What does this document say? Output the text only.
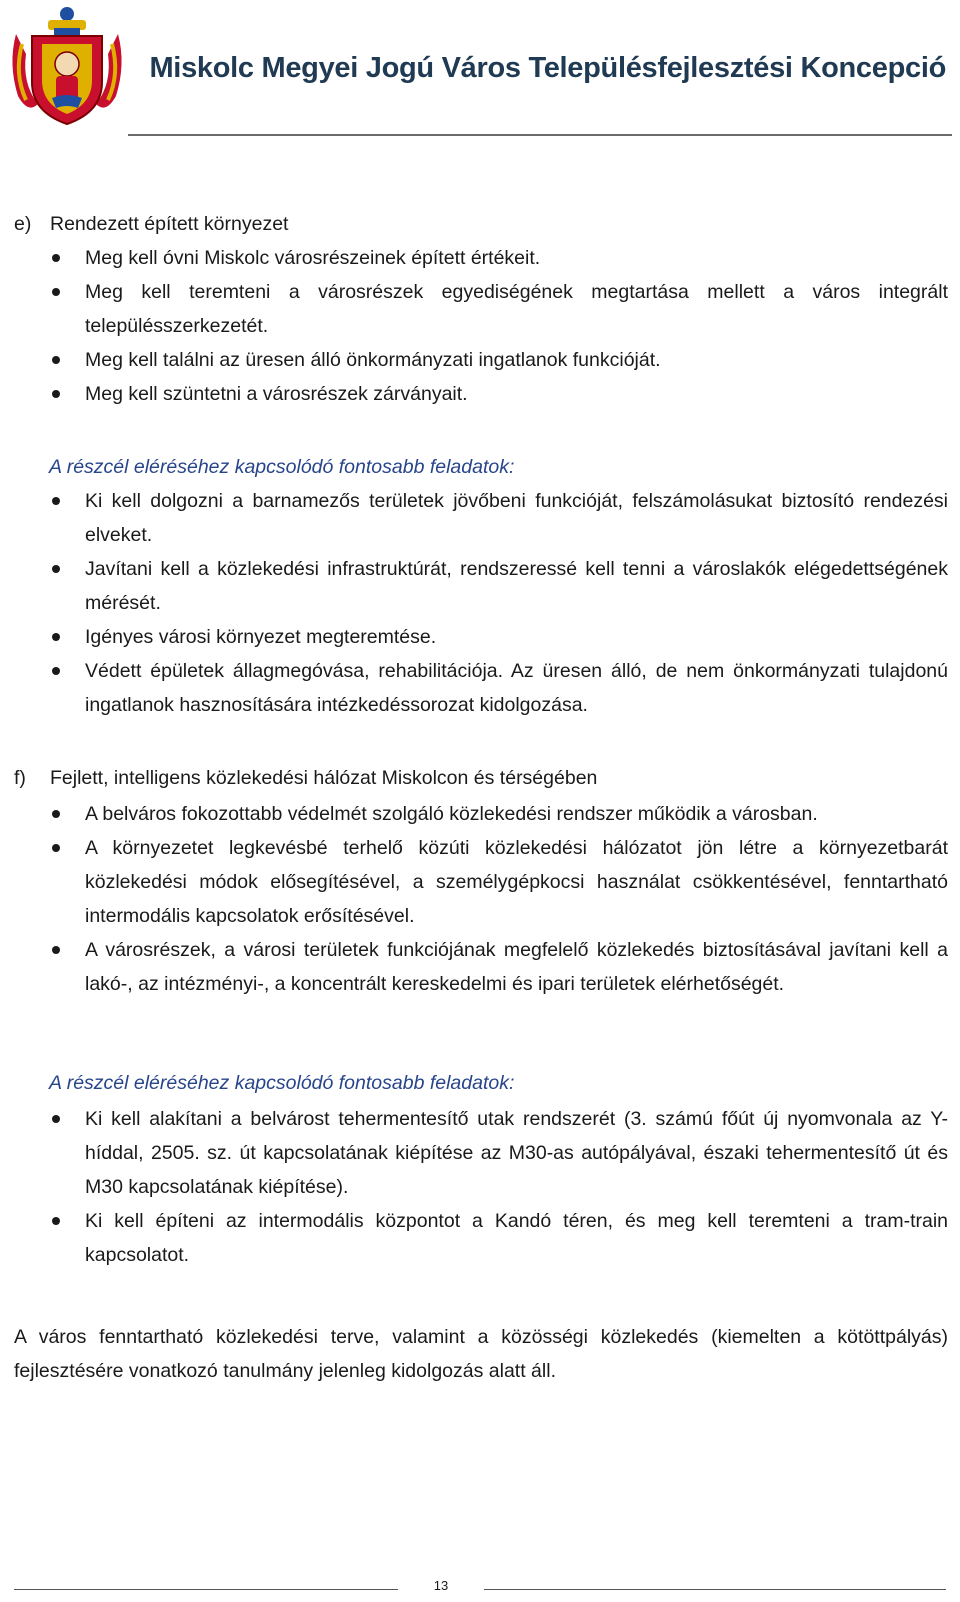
Miskolc Megyei Jogú Város Településfejlesztési Koncepció
e) Rendezett épített környezet
Meg kell óvni Miskolc városrészeinek épített értékeit.
Meg kell teremteni a városrészek egyediségének megtartása mellett a város integrált településszerkezetét.
Meg kell találni az üresen álló önkormányzati ingatlanok funkcióját.
Meg kell szüntetni a városrészek zárványait.
A részcél eléréséhez kapcsolódó fontosabb feladatok:
Ki kell dolgozni a barnamezős területek jövőbeni funkcióját, felszámolásukat biztosító rendezési elveket.
Javítani kell a közlekedési infrastruktúrát, rendszeressé kell tenni a városlakók elégedettségének mérését.
Igényes városi környezet megteremtése.
Védett épületek állagmegóvása, rehabilitációja. Az üresen álló, de nem önkormányzati tulajdonú ingatlanok hasznosítására intézkedéssorozat kidolgozása.
f) Fejlett, intelligens közlekedési hálózat Miskolcon és térségében
A belváros fokozottabb védelmét szolgáló közlekedési rendszer működik a városban.
A környezetet legkevésbé terhelő közúti közlekedési hálózatot jön létre a környezetbarát közlekedési módok elősegítésével, a személygépkocsi használat csökkentésével, fenntartható intermodális kapcsolatok erősítésével.
A városrészek, a városi területek funkciójának megfelelő közlekedés biztosításával javítani kell a lakó-, az intézményi-, a koncentrált kereskedelmi és ipari területek elérhetőségét.
A részcél eléréséhez kapcsolódó fontosabb feladatok:
Ki kell alakítani a belvárost tehermentesítő utak rendszerét (3. számú főút új nyomvonala az Y-híddal, 2505. sz. út kapcsolatának kiépítése az M30-as autópályával, északi tehermentesítő út és M30 kapcsolatának kiépítése).
Ki kell építeni az intermodális központot a Kandó téren, és meg kell teremteni a tram-train kapcsolatot.
A város fenntartható közlekedési terve, valamint a közösségi közlekedés (kiemelten a kötöttpályás) fejlesztésére vonatkozó tanulmány jelenleg kidolgozás alatt áll.
13
